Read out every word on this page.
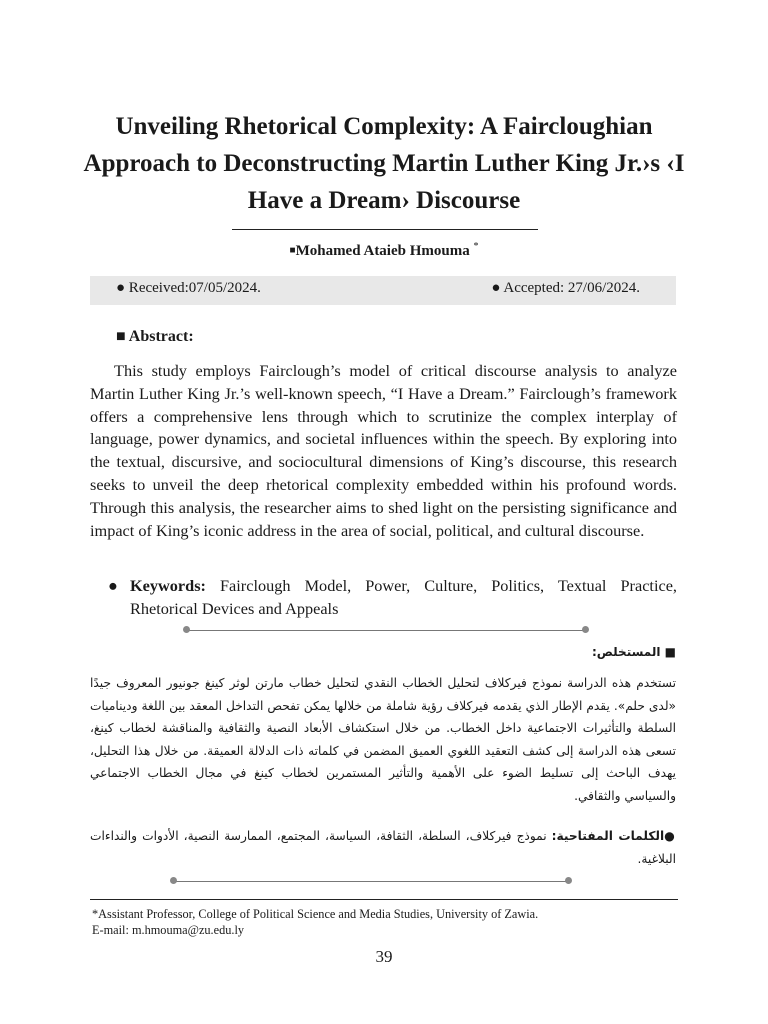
Unveiling Rhetorical Complexity: A Faircloughian Approach to Deconstructing Martin Luther King Jr.›s ‹I Have a Dream› Discourse
■Mohamed Ataieb Hmouma *
● Received:07/05/2024.	● Accepted: 27/06/2024.
■ Abstract:

This study employs Fairclough’s model of critical discourse analysis to analyze Martin Luther King Jr.’s well-known speech, “I Have a Dream.” Fairclough’s framework offers a comprehensive lens through which to scrutinize the complex interplay of language, power dynamics, and societal influences within the speech. By exploring into the textual, discursive, and sociocultural dimensions of King’s discourse, this research seeks to unveil the deep rhetorical complexity embedded within his profound words. Through this analysis, the researcher aims to shed light on the persisting significance and impact of King’s iconic address in the area of social, political, and cultural discourse.

● Keywords: Fairclough Model, Power, Culture, Politics, Textual Practice, Rhetorical Devices and Appeals
■ المستخلص:

تستخدم هذه الدراسة نموذج فيركلاف لتحليل الخطاب النقدي لتحليل خطاب مارتن لوثر كينغ جونيور المعروف جيدًا «لدى حلم». يقدم الإطار الذي يقدمه فيركلاف رؤية شاملة من خلالها يمكن تفحص التداخل المعقد بين اللغة وديناميات السلطة والتأثيرات الاجتماعية داخل الخطاب. من خلال استكشاف الأبعاد النصية والثقافية والمناقشة لخطاب كينغ، تسعى هذه الدراسة إلى كشف التعقيد اللغوي العميق المضمن في كلماته ذات الدلالة العميقة. من خلال هذا التحليل، يهدف الباحث إلى تسليط الضوء على الأهمية والتأثير المستمرين لخطاب كينغ في مجال الخطاب الاجتماعي والسياسي والثقافي.

●الكلمات المفتاحية: نموذج فيركلاف، السلطة، الثقافة، السياسة، المجتمع، الممارسة النصية، الأدوات والنداءات البلاغية.
*Assistant Professor, College of Political Science and Media Studies, University of Zawia.
E-mail: m.hmouma@zu.edu.ly
39
